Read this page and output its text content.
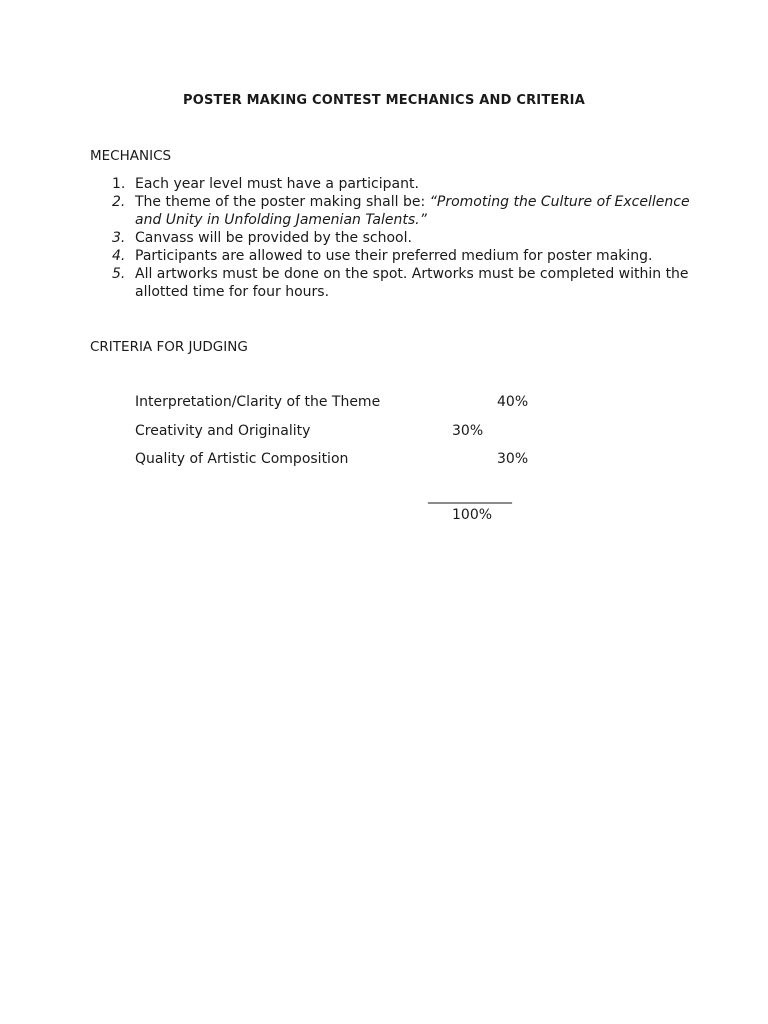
POSTER MAKING CONTEST MECHANICS AND CRITERIA
MECHANICS
1. Each year level must have a participant.
2. The theme of the poster making shall be: “Promoting the Culture of Excellence and Unity in Unfolding Jamenian Talents.”
3. Canvass will be provided by the school.
4. Participants are allowed to use their preferred medium for poster making.
5. All artworks must be done on the spot. Artworks must be completed within the allotted time for four hours.
CRITERIA FOR JUDGING
Interpretation/Clarity of the Theme	40%
Creativity and Originality	30%
Quality of Artistic Composition	30%
____________
100%
